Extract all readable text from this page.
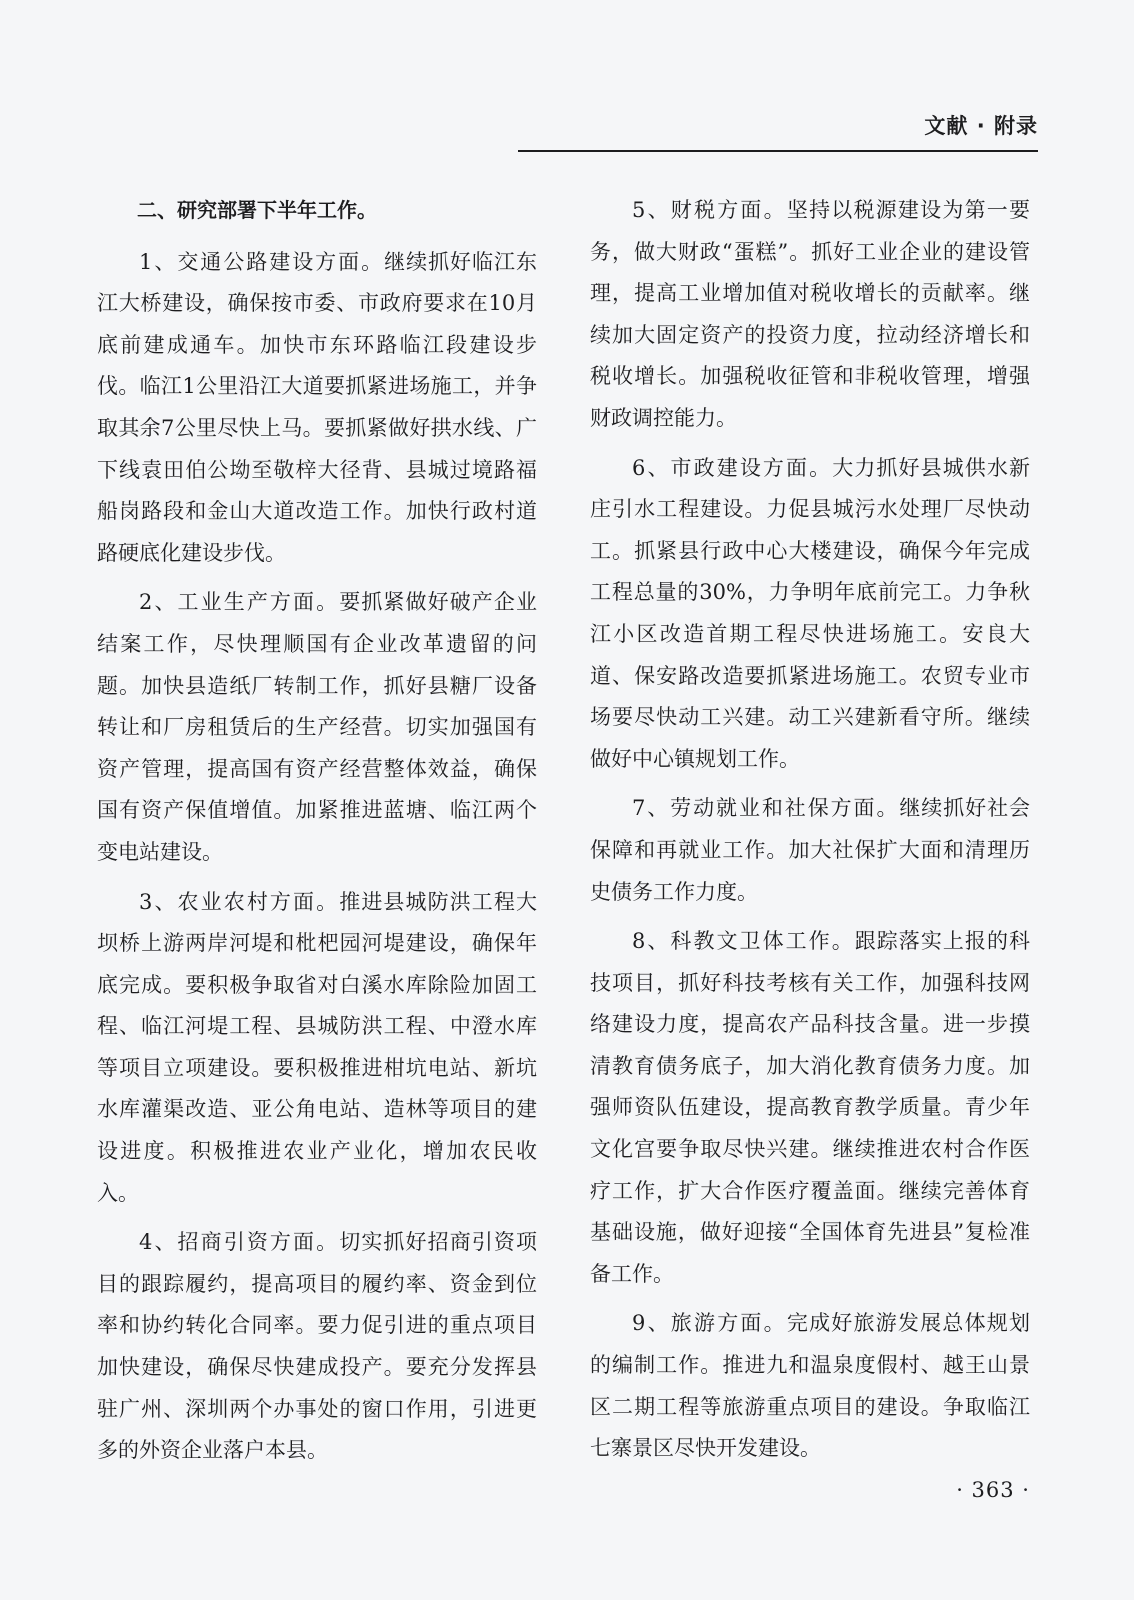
文献 · 附录

二、研究部署下半年工作。

1、交通公路建设方面。继续抓好临江东江大桥建设，确保按市委、市政府要求在10月底前建成通车。加快市东环路临江段建设步伐。临江1公里沿江大道要抓紧进场施工，并争取其余7公里尽快上马。要抓紧做好拱水线、广下线袁田伯公坳至敬梓大径背、县城过境路福船岗路段和金山大道改造工作。加快行政村道路硬底化建设步伐。

2、工业生产方面。要抓紧做好破产企业结案工作，尽快理顺国有企业改革遗留的问题。加快县造纸厂转制工作，抓好县糖厂设备转让和厂房租赁后的生产经营。切实加强国有资产管理，提高国有资产经营整体效益，确保国有资产保值增值。加紧推进蓝塘、临江两个变电站建设。

3、农业农村方面。推进县城防洪工程大坝桥上游两岸河堤和枇杷园河堤建设，确保年底完成。要积极争取省对白溪水库除险加固工程、临江河堤工程、县城防洪工程、中澄水库等项目立项建设。要积极推进柑坑电站、新坑水库灌渠改造、亚公角电站、造林等项目的建设进度。积极推进农业产业化，增加农民收入。

4、招商引资方面。切实抓好招商引资项目的跟踪履约，提高项目的履约率、资金到位率和协约转化合同率。要力促引进的重点项目加快建设，确保尽快建成投产。要充分发挥县驻广州、深圳两个办事处的窗口作用，引进更多的外资企业落户本县。

5、财税方面。坚持以税源建设为第一要务，做大财政“蛋糕”。抓好工业企业的建设管理，提高工业增加值对税收增长的贡献率。继续加大固定资产的投资力度，拉动经济增长和税收增长。加强税收征管和非税收管理，增强财政调控能力。

6、市政建设方面。大力抓好县城供水新庄引水工程建设。力促县城污水处理厂尽快动工。抓紧县行政中心大楼建设，确保今年完成工程总量的30%，力争明年底前完工。力争秋江小区改造首期工程尽快进场施工。安良大道、保安路改造要抓紧进场施工。农贸专业市场要尽快动工兴建。动工兴建新看守所。继续做好中心镇规划工作。

7、劳动就业和社保方面。继续抓好社会保障和再就业工作。加大社保扩大面和清理历史债务工作力度。

8、科教文卫体工作。跟踪落实上报的科技项目，抓好科技考核有关工作，加强科技网络建设力度，提高农产品科技含量。进一步摸清教育债务底子，加大消化教育债务力度。加强师资队伍建设，提高教育教学质量。青少年文化宫要争取尽快兴建。继续推进农村合作医疗工作，扩大合作医疗覆盖面。继续完善体育基础设施，做好迎接“全国体育先进县”复检准备工作。

9、旅游方面。完成好旅游发展总体规划的编制工作。推进九和温泉度假村、越王山景区二期工程等旅游重点项目的建设。争取临江七寨景区尽快开发建设。

· 363 ·
